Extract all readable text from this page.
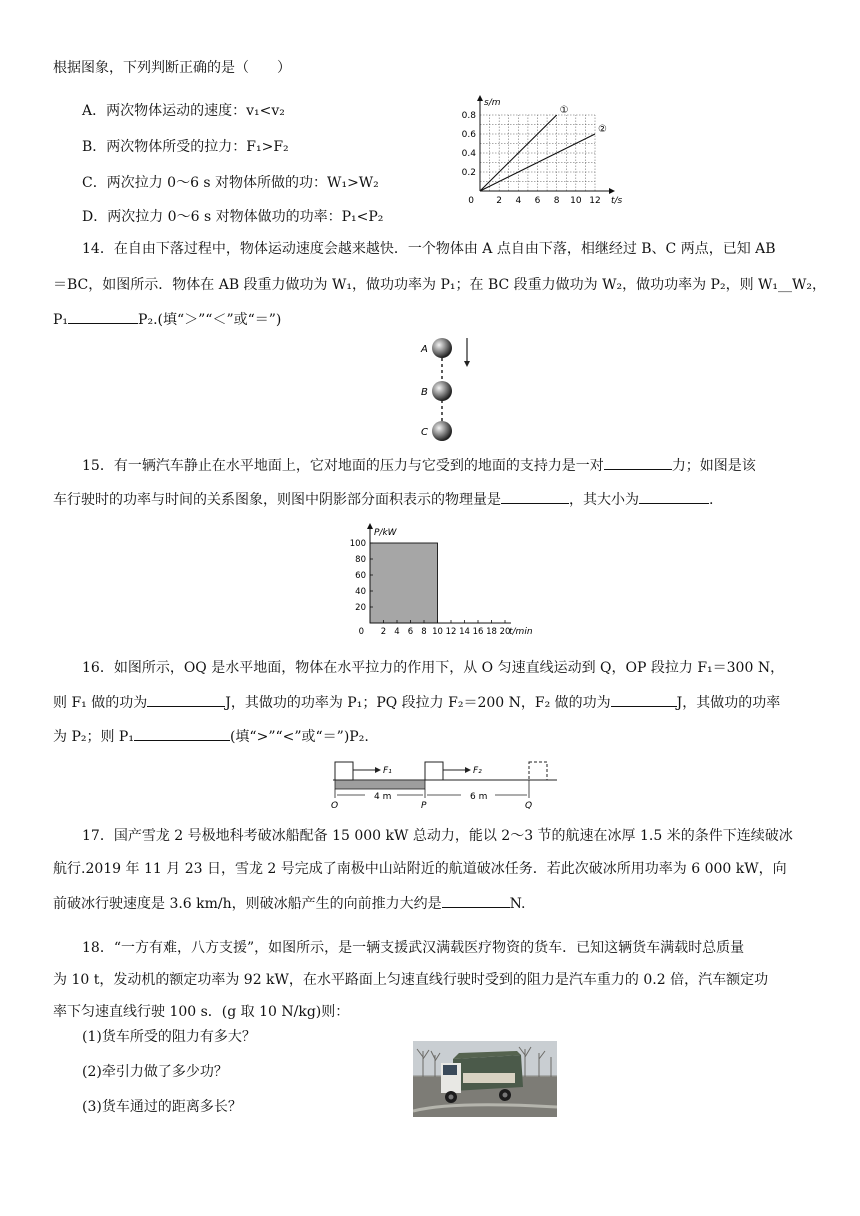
根据图象，下列判断正确的是（　　）
A．两次物体运动的速度：v₁<v₂
B．两次物体所受的拉力：F₁>F₂
C．两次拉力 0～6 s 对物体所做的功：W₁>W₂
D．两次拉力 0～6 s 对物体做功的功率：P₁<P₂
2 4 6 8 10 12
0.2
0.4
0.6
0.8
0
s/m
t/s
①
②
14．在自由下落过程中，物体运动速度会越来越快．一个物体由 A 点自由下落，相继经过 B、C 两点，已知 AB
＝BC，如图所示．物体在 AB 段重力做功为 W₁，做功功率为 P₁；在 BC 段重力做功为 W₂，做功功率为 P₂，则 W₁__W₂，
P₁	P₂.(填“＞”“＜”或“＝”)
A
B
C
15．有一辆汽车静止在水平地面上，它对地面的压力与它受到的地面的支持力是一对	力；如图是该
车行驶时的功率与时间的关系图象，则图中阴影部分面积表示的物理量是	，其大小为	.
2 4 6 8 10 12 14 16 18 20
20
40
60
80
100
0
P/kW
t/min
16．如图所示，OQ 是水平地面，物体在水平拉力的作用下，从 O 匀速直线运动到 Q，OP 段拉力 F₁＝300 N，
则 F₁ 做的功为	J，其做功的功率为 P₁；PQ 段拉力 F₂＝200 N，F₂ 做的功为	J，其做功的功率
为 P₂；则 P₁	(填“>”“<”或“＝”)P₂.
F₁	F₂
4 m	6 m
O	P	Q
17．国产雪龙 2 号极地科考破冰船配备 15 000 kW 总动力，能以 2～3 节的航速在冰厚 1.5 米的条件下连续破冰
航行.2019 年 11 月 23 日，雪龙 2 号完成了南极中山站附近的航道破冰任务．若此次破冰所用功率为 6 000 kW，向
前破冰行驶速度是 3.6 km/h，则破冰船产生的向前推力大约是	N.
18．“一方有难，八方支援”，如图所示，是一辆支援武汉满载医疗物资的货车．已知这辆货车满载时总质量
为 10 t，发动机的额定功率为 92 kW，在水平路面上匀速直线行驶时受到的阻力是汽车重力的 0.2 倍，汽车额定功
率下匀速直线行驶 100 s．(g 取 10 N/kg)则：
(1)货车所受的阻力有多大？
(2)牵引力做了多少功？
(3)货车通过的距离多长？
